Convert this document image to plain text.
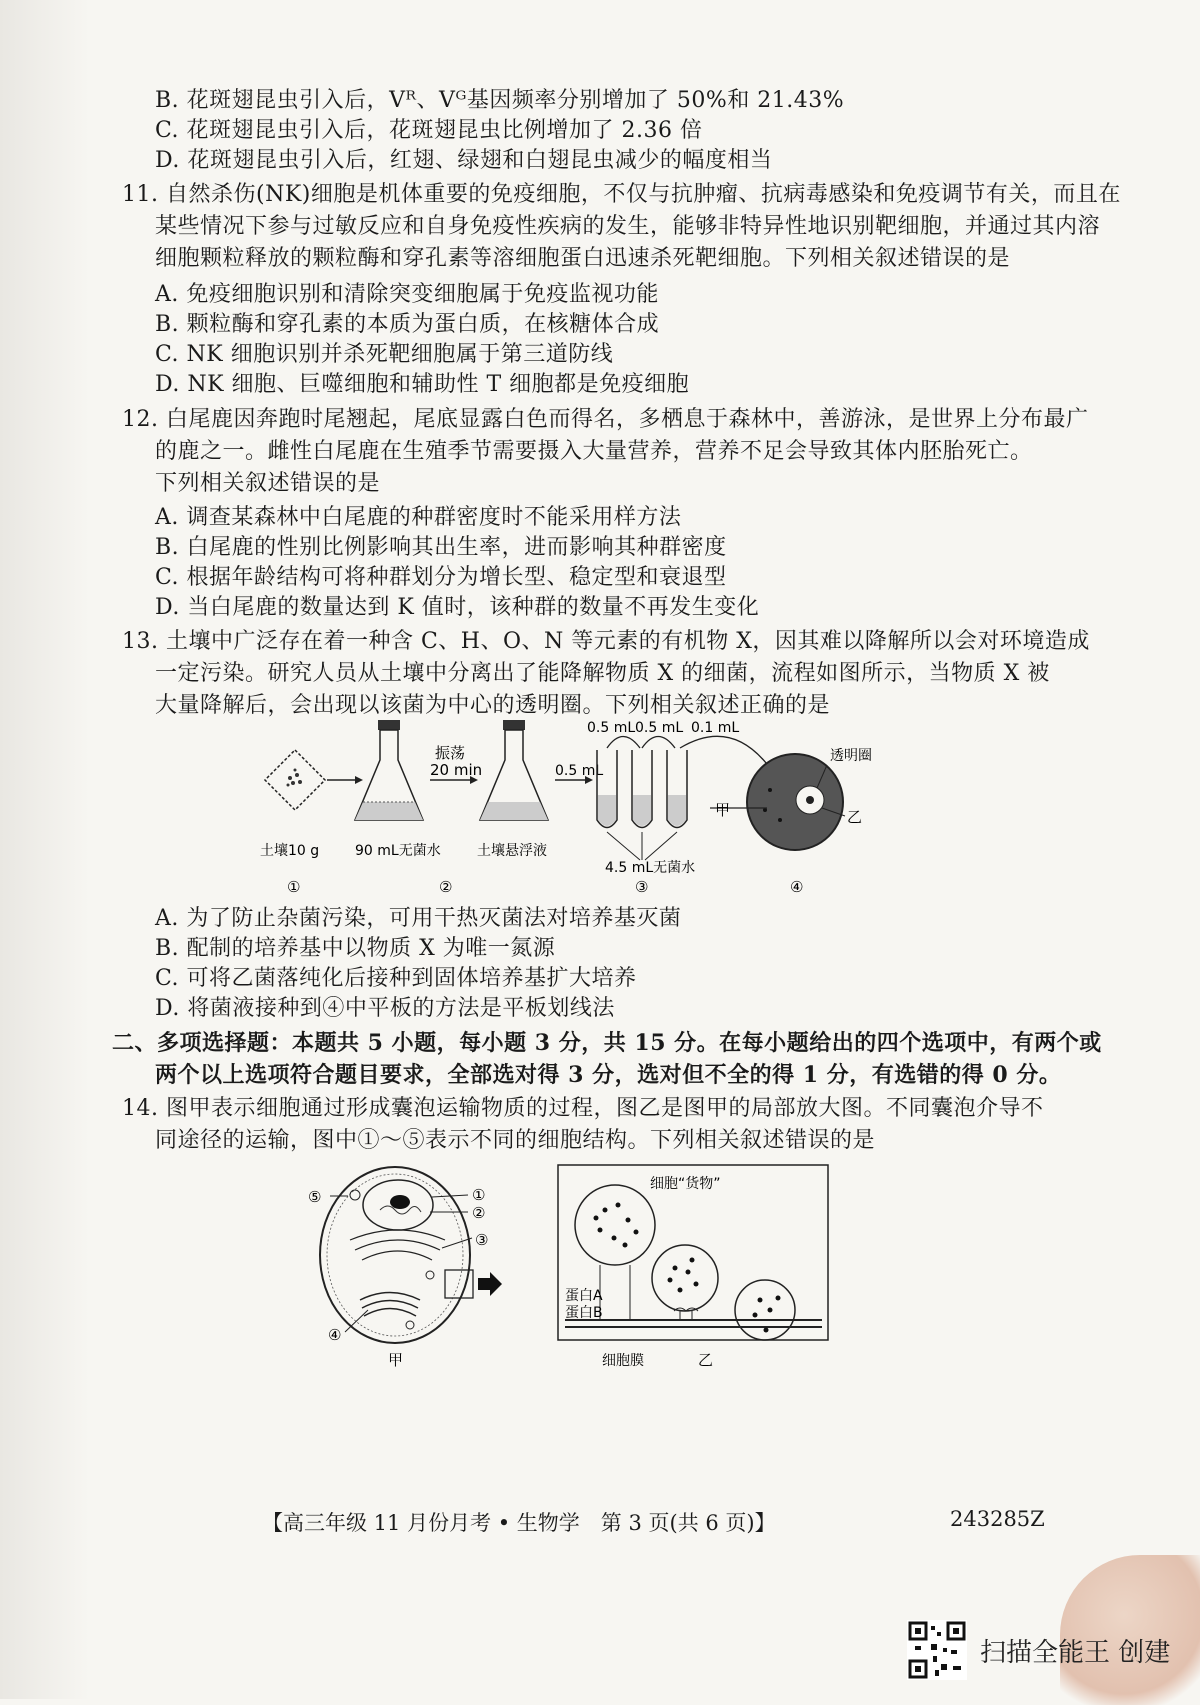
B. 花斑翅昆虫引入后，Vᴿ、Vᴳ基因频率分别增加了 50%和 21.43%
C. 花斑翅昆虫引入后，花斑翅昆虫比例增加了 2.36 倍
D. 花斑翅昆虫引入后，红翅、绿翅和白翅昆虫减少的幅度相当
11. 自然杀伤(NK)细胞是机体重要的免疫细胞，不仅与抗肿瘤、抗病毒感染和免疫调节有关，而且在
某些情况下参与过敏反应和自身免疫性疾病的发生，能够非特异性地识别靶细胞，并通过其内溶
细胞颗粒释放的颗粒酶和穿孔素等溶细胞蛋白迅速杀死靶细胞。下列相关叙述错误的是
A. 免疫细胞识别和清除突变细胞属于免疫监视功能
B. 颗粒酶和穿孔素的本质为蛋白质，在核糖体合成
C. NK 细胞识别并杀死靶细胞属于第三道防线
D. NK 细胞、巨噬细胞和辅助性 T 细胞都是免疫细胞
12. 白尾鹿因奔跑时尾翘起，尾底显露白色而得名，多栖息于森林中，善游泳，是世界上分布最广
的鹿之一。雌性白尾鹿在生殖季节需要摄入大量营养，营养不足会导致其体内胚胎死亡。
下列相关叙述错误的是
A. 调查某森林中白尾鹿的种群密度时不能采用样方法
B. 白尾鹿的性别比例影响其出生率，进而影响其种群密度
C. 根据年龄结构可将种群划分为增长型、稳定型和衰退型
D. 当白尾鹿的数量达到 K 值时，该种群的数量不再发生变化
13. 土壤中广泛存在着一种含 C、H、O、N 等元素的有机物 X，因其难以降解所以会对环境造成
一定污染。研究人员从土壤中分离出了能降解物质 X 的细菌，流程如图所示，当物质 X 被
大量降解后，会出现以该菌为中心的透明圈。下列相关叙述正确的是
振荡
20 min	0.5 mL
0.5 mL 0.5 mL 0.1 mL
透明圈
甲	乙
土壤10 g	90 mL无菌水	土壤悬浮液
4.5 mL无菌水
①	②	③	④
A. 为了防止杂菌污染，可用干热灭菌法对培养基灭菌
B. 配制的培养基中以物质 X 为唯一氮源
C. 可将乙菌落纯化后接种到固体培养基扩大培养
D. 将菌液接种到④中平板的方法是平板划线法
二、多项选择题：本题共 5 小题，每小题 3 分，共 15 分。在每小题给出的四个选项中，有两个或
两个以上选项符合题目要求，全部选对得 3 分，选对但不全的得 1 分，有选错的得 0 分。
14. 图甲表示细胞通过形成囊泡运输物质的过程，图乙是图甲的局部放大图。不同囊泡介导不
同途径的运输，图中①～⑤表示不同的细胞结构。下列相关叙述错误的是
①
②
③
④
⑤
甲
细胞“货物”
蛋白A
蛋白B
细胞膜	乙
【高三年级 11 月份月考 • 生物学　第 3 页(共 6 页)】	243285Z
扫描全能王 创建
